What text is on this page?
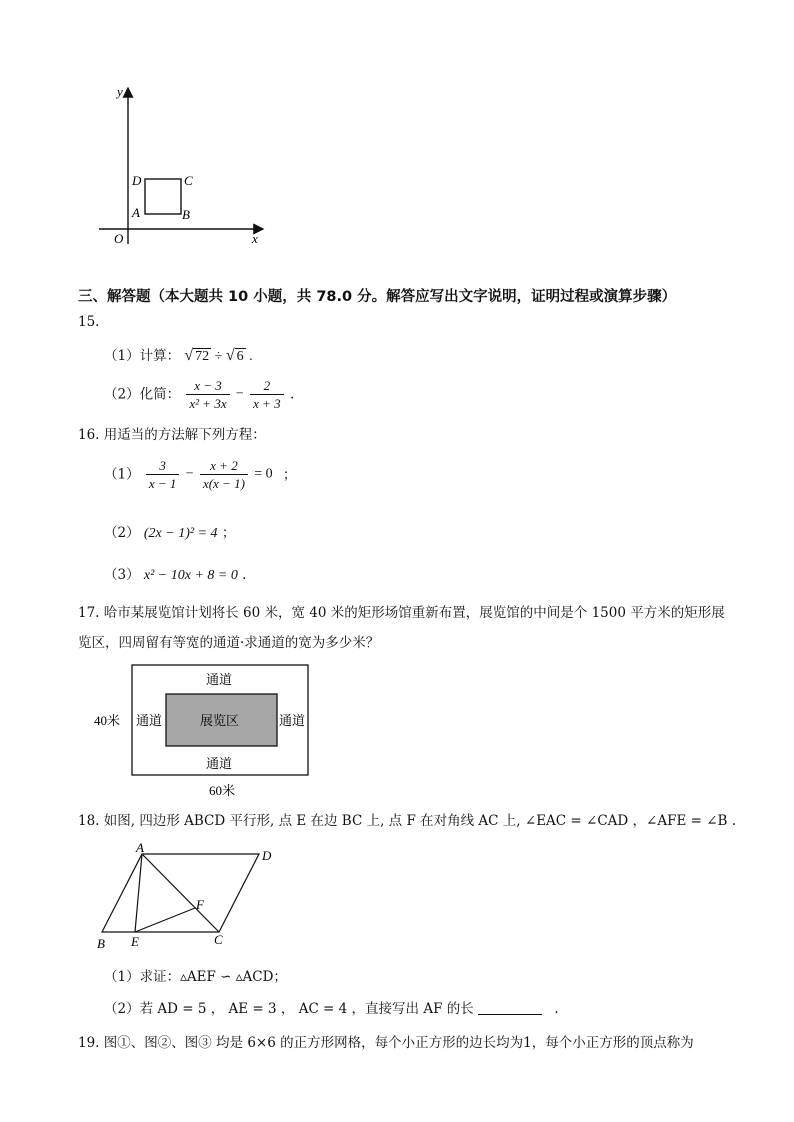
y
x
O
A	B
C
D
三、解答题（本大题共 10 小题，共 78.0 分。解答应写出文字说明，证明过程或演算步骤）
15.
（1）计算： √ 72 ÷ √ 6 .
（2）化简： $\frac{x - 3}{\text{x² + 3x}} - \frac{2}{x + 3}$ .
16. 用适当的方法解下列方程：
$(1) \frac{3}{x - 1} - \frac{x + 2}{x(x - 1)} = 0$ ；
（2） (2x − 1)² = 4 ；
（3） x² − 10x + 8 = 0 .
17. 哈市某展览馆计划将长 60 米，宽 40 米的矩形场馆重新布置，展览馆的中间是个 1500 平方米的矩形展
览区，四周留有等宽的通道·求通道的宽为多少米？
通道
通道	通道
通道
展览区
40米
60米
18. 如图, 四边形 ABCD 平行形, 点 E 在边 BC 上, 点 F 在对角线 AC 上, ∠EAC = ∠CAD ，∠AFE = ∠B .
A
D
B E	C
F
（1）求证：▵AEF ∽ ▵ACD；
（2）若 AD = 5 ， AE = 3 ， AC = 4 ，直接写出 AF 的长	.
19. 图①、图②、图③ 均是 6×6 的正方形网格，每个小正方形的边长均为1，每个小正方形的顶点称为
